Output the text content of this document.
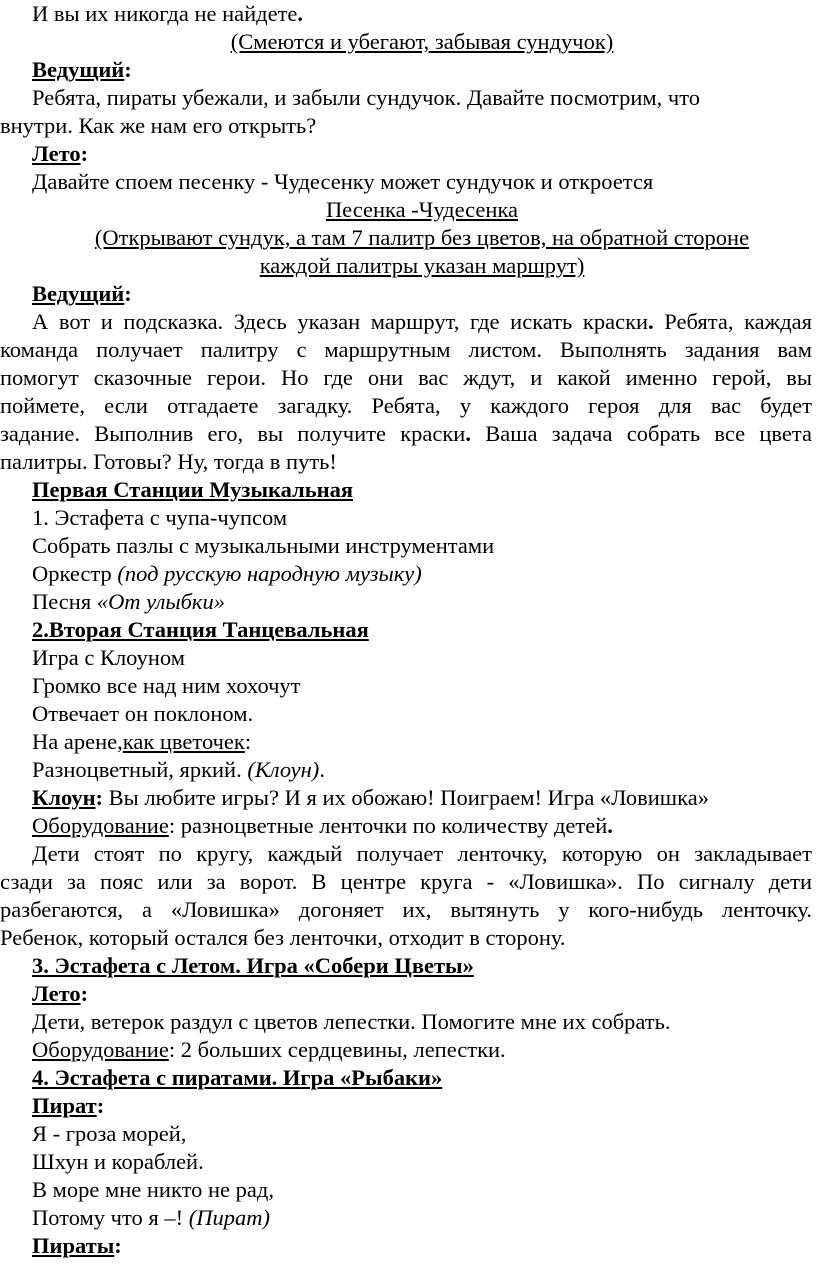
И вы их никогда не найдете.
(Смеются и убегают, забывая сундучок)
Ведущий:
Ребята, пираты убежали, и забыли сундучок. Давайте посмотрим, что
внутри. Как же нам его открыть?
Лето:
Давайте споем песенку - Чудесенку может сундучок и откроется
Песенка -Чудесенка
(Открывают сундук, а там 7 палитр без цветов, на обратной стороне
каждой палитры указан маршрут)
Ведущий:
А вот и подсказка. Здесь указан маршрут, где искать краски. Ребята, каждая
команда получает палитру с маршрутным листом. Выполнять задания вам
помогут сказочные герои. Но где они вас ждут, и какой именно герой, вы
поймете, если отгадаете загадку. Ребята, у каждого героя для вас будет
задание. Выполнив его, вы получите краски. Ваша задача собрать все цвета
палитры. Готовы? Ну, тогда в путь!
Первая Станции Музыкальная
1. Эстафета с чупа-чупсом
Собрать пазлы с музыкальными инструментами
Оркестр (под русскую народную музыку)
Песня «От улыбки»
2.Вторая Станция Танцевальная
Игра с Клоуном
Громко все над ним хохочут
Отвечает он поклоном.
На арене,как цветочек:
Разноцветный, яркий. (Клоун).
Клоун: Вы любите игры? И я их обожаю! Поиграем! Игра «Ловишка»
Оборудование: разноцветные ленточки по количеству детей.
Дети стоят по кругу, каждый получает ленточку, которую он закладывает
сзади за пояс или за ворот. В центре круга - «Ловишка». По сигналу дети
разбегаются, а «Ловишка» догоняет их, вытянуть у кого-нибудь ленточку.
Ребенок, который остался без ленточки, отходит в сторону.
3. Эстафета с Летом. Игра «Собери Цветы»
Лето:
Дети, ветерок раздул с цветов лепестки. Помогите мне их собрать.
Оборудование: 2 больших сердцевины, лепестки.
4. Эстафета с пиратами. Игра «Рыбаки»
Пират:
Я - гроза морей,
Шхун и кораблей.
В море мне никто не рад,
Потому что я –! (Пират)
Пираты:
